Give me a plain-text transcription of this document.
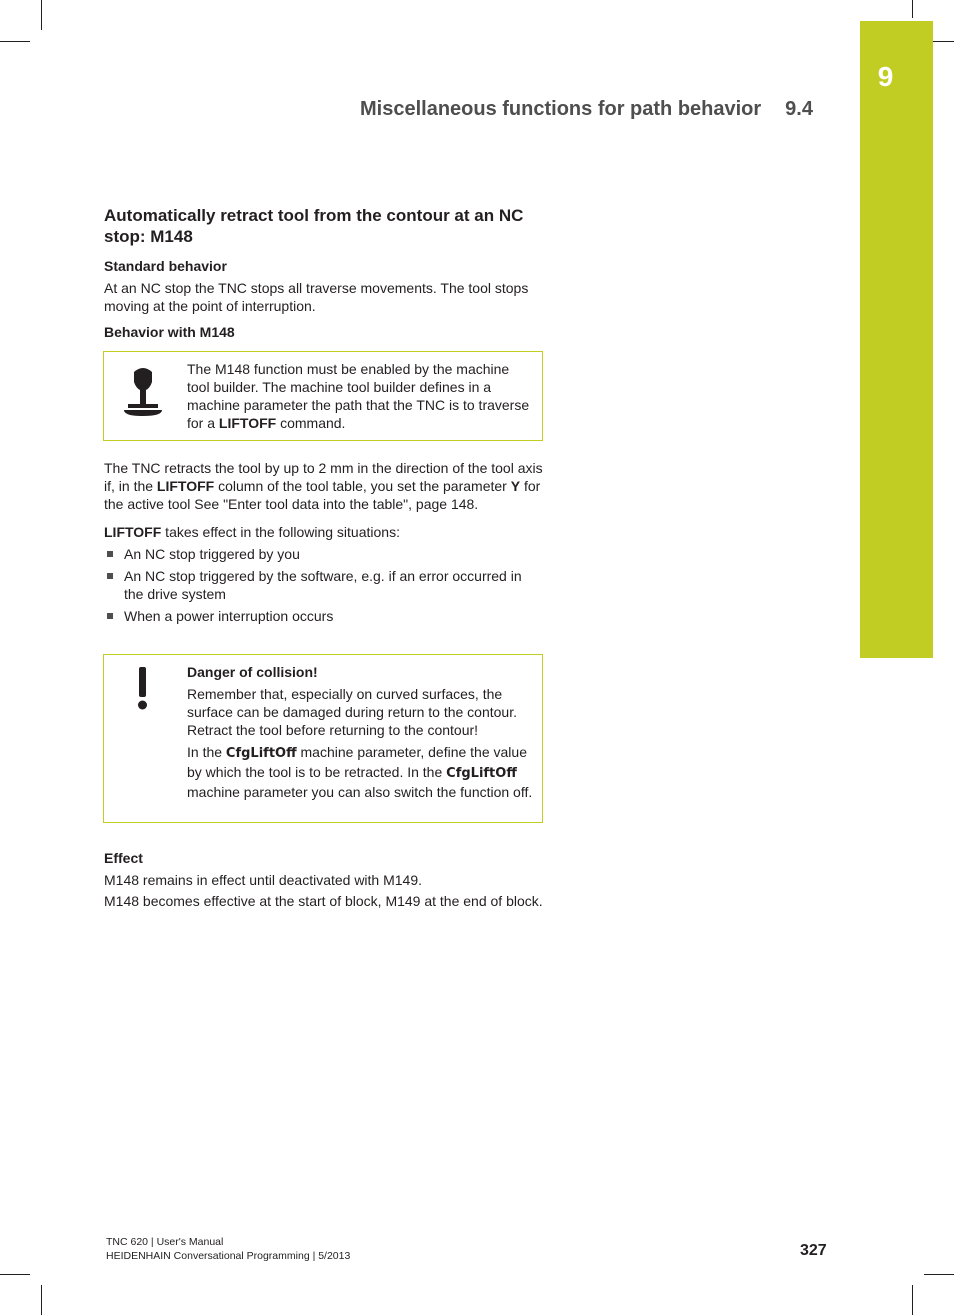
9
Miscellaneous functions for path behavior 9.4
Automatically retract tool from the contour at an NC stop: M148
Standard behavior

At an NC stop the TNC stops all traverse movements. The tool stops moving at the point of interruption.

Behavior with M148

The M148 function must be enabled by the machine tool builder. The machine tool builder defines in a machine parameter the path that the TNC is to traverse for a LIFTOFF command.

The TNC retracts the tool by up to 2 mm in the direction of the tool axis if, in the LIFTOFF column of the tool table, you set the parameter Y for the active tool See "Enter tool data into the table", page 148.

LIFTOFF takes effect in the following situations:

An NC stop triggered by you
An NC stop triggered by the software, e.g. if an error occurred in the drive system
When a power interruption occurs

Danger of collision!

Remember that, especially on curved surfaces, the surface can be damaged during return to the contour. Retract the tool before returning to the contour!

In the CfgLiftOff machine parameter, define the value by which the tool is to be retracted. In the CfgLiftOff machine parameter you can also switch the function off.

Effect

M148 remains in effect until deactivated with M149.

M148 becomes effective at the start of block, M149 at the end of block.

TNC 620 | User's Manual
HEIDENHAIN Conversational Programming | 5/2013	327
